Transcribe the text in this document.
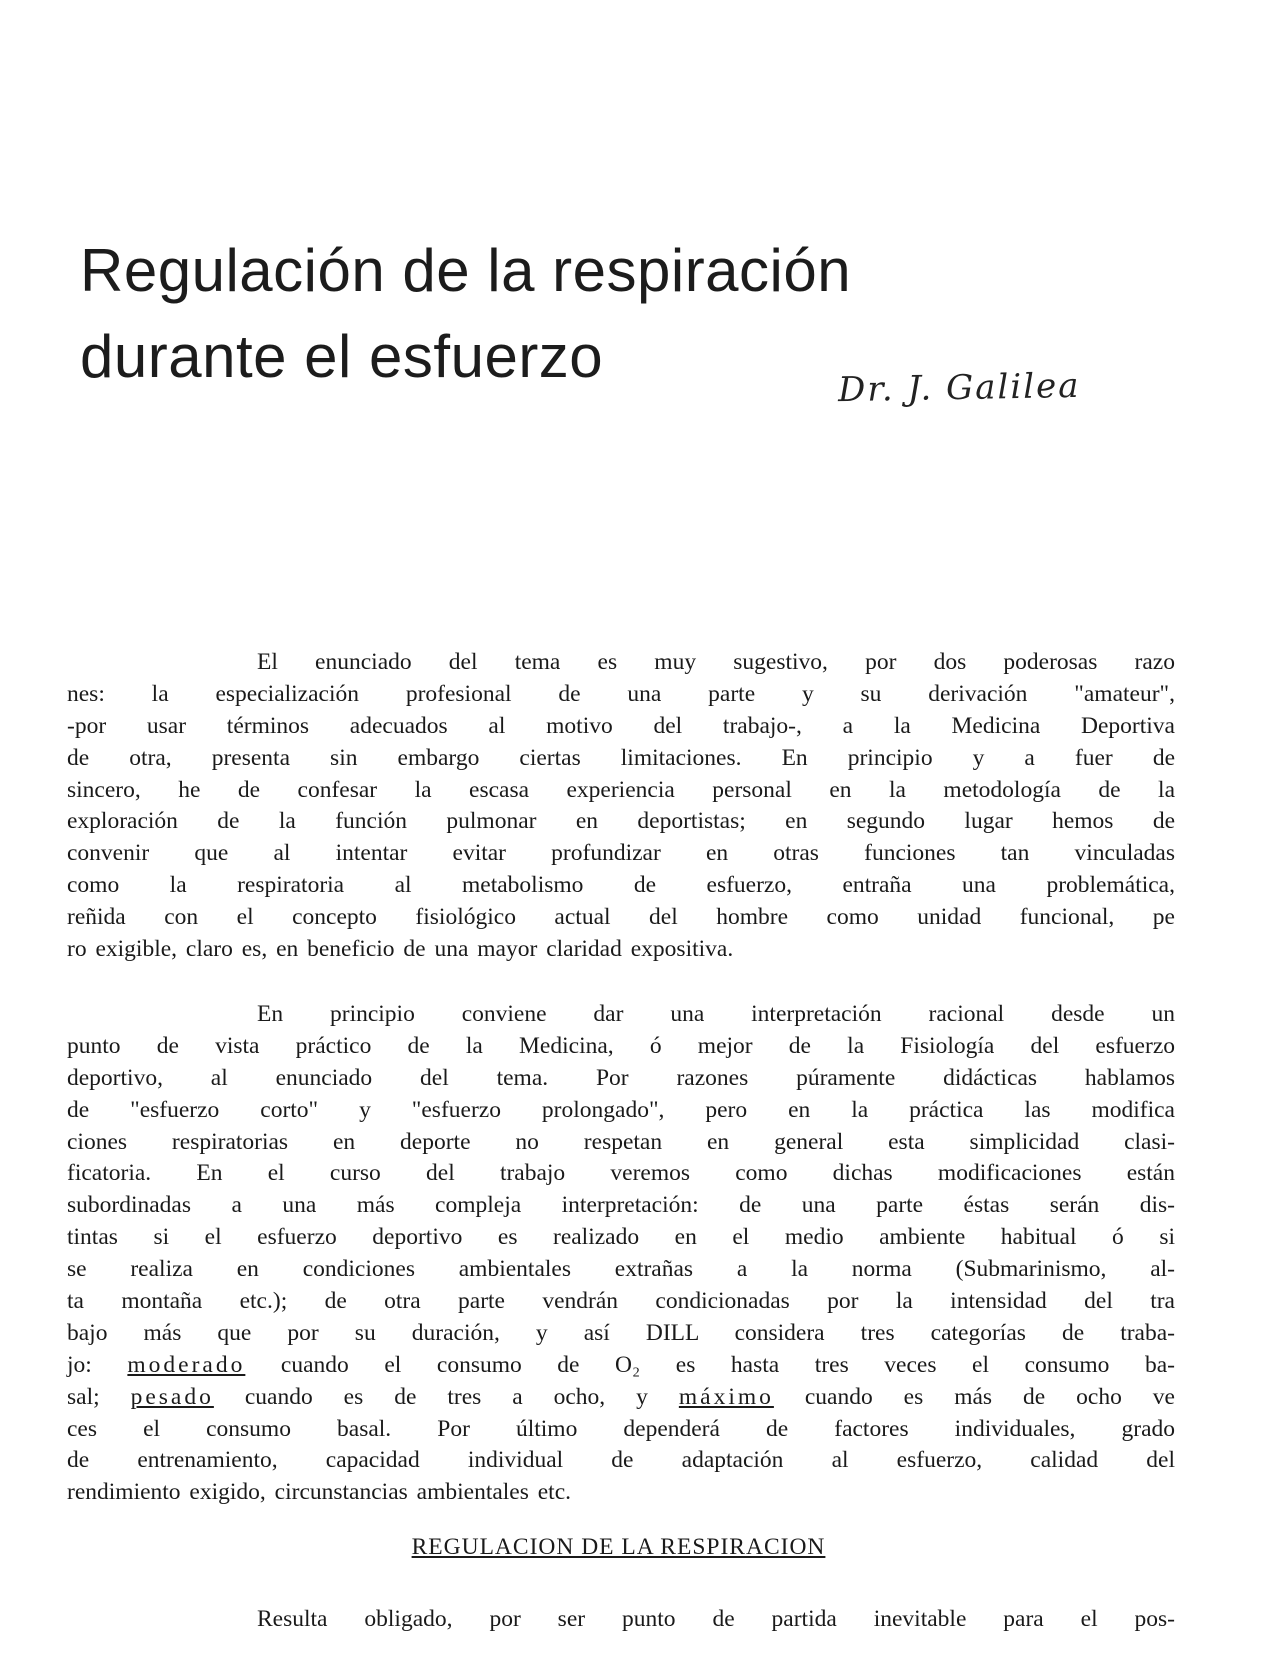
Regulación de la respiración
durante el esfuerzo	Dr. J. Galilea
El enunciado del tema es muy sugestivo, por dos poderosas razo
nes: la especialización profesional de una parte y su derivación "amateur",
-por usar términos adecuados al motivo del trabajo-, a la Medicina Deportiva
de otra, presenta sin embargo ciertas limitaciones. En principio y a fuer de
sincero, he de confesar la escasa experiencia personal en la metodología de la
exploración de la función pulmonar en deportistas; en segundo lugar hemos de
convenir que al intentar evitar profundizar en otras funciones tan vinculadas
como la respiratoria al metabolismo de esfuerzo, entraña una problemática,
reñida con el concepto fisiológico actual del hombre como unidad funcional, pe
ro exigible, claro es, en beneficio de una mayor claridad expositiva.
En principio conviene dar una interpretación racional desde un
punto de vista práctico de la Medicina, ó mejor de la Fisiología del esfuerzo
deportivo, al enunciado del tema. Por razones púramente didácticas hablamos
de "esfuerzo corto" y "esfuerzo prolongado", pero en la práctica las modifica
ciones respiratorias en deporte no respetan en general esta simplicidad clasi-
ficatoria. En el curso del trabajo veremos como dichas modificaciones están
subordinadas a una más compleja interpretación: de una parte éstas serán dis-
tintas si el esfuerzo deportivo es realizado en el medio ambiente habitual ó si
se realiza en condiciones ambientales extrañas a la norma (Submarinismo, al-
ta montaña etc.); de otra parte vendrán condicionadas por la intensidad del tra
bajo más que por su duración, y así DILL considera tres categorías de traba-
jo: moderado cuando el consumo de O₂ es hasta tres veces el consumo ba-
sal; pesado cuando es de tres a ocho, y máximo cuando es más de ocho ve
ces el consumo basal. Por último dependerá de factores individuales, grado
de entrenamiento, capacidad individual de adaptación al esfuerzo, calidad del
rendimiento exigido, circunstancias ambientales etc.
REGULACION DE LA RESPIRACION
Resulta obligado, por ser punto de partida inevitable para el pos-
